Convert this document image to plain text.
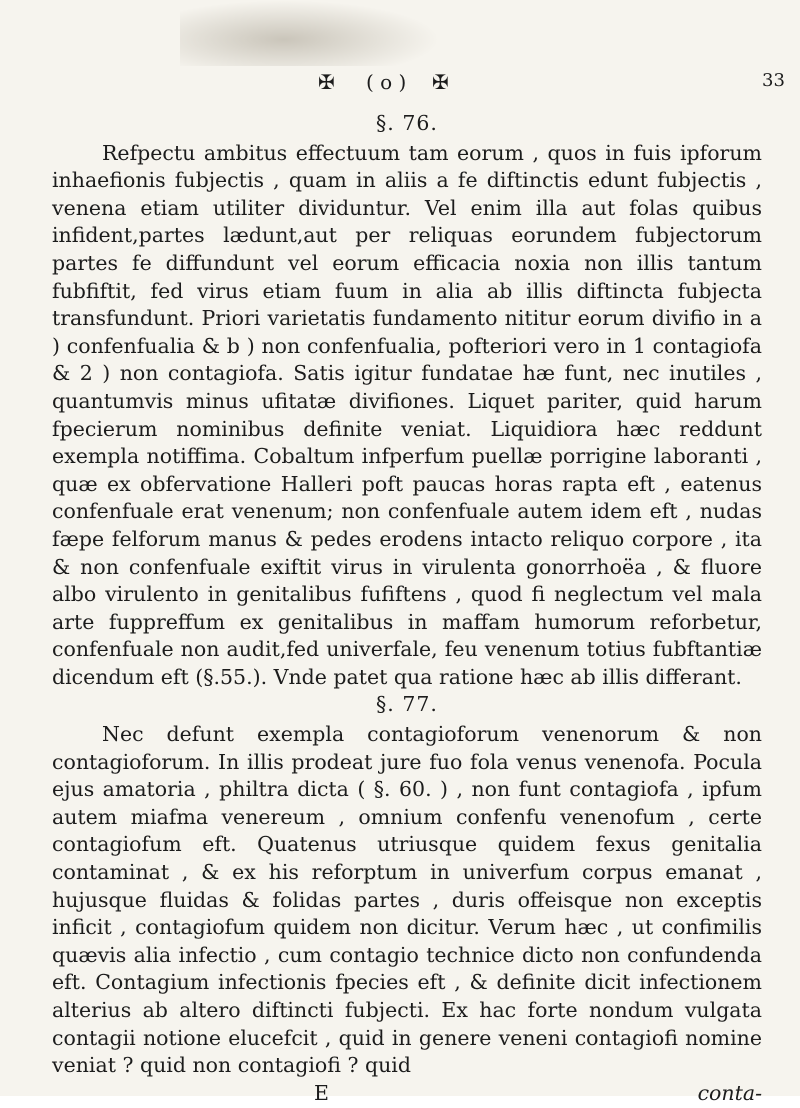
✠ ( o ) ✠	33
§. 76.

Refpectu ambitus effectuum tam eorum , quos in fuis ipforum inhaefionis fubjectis , quam in aliis a fe diftinctis edunt fubjectis , venena etiam utiliter dividuntur. Vel enim illa aut folas quibus infident,partes lædunt,aut per reliquas eorundem fubjectorum partes fe diffundunt vel eorum efficacia noxia non illis tantum fubfiftit, fed virus etiam fuum in alia ab illis diftincta fubjecta transfundunt. Priori varietatis fundamento nititur eorum divifio in a ) confenfualia & b ) non confenfualia, pofteriori vero in 1 contagiofa & 2 ) non contagiofa. Satis igitur fundatae hæ funt, nec inutiles , quantumvis minus ufitatæ divifiones. Liquet pariter, quid harum fpecierum nominibus definite veniat. Liquidiora hæc reddunt exempla notiffima. Cobaltum infperfum puellæ porrigine laboranti , quæ ex obfervatione Halleri poft paucas horas rapta eft , eatenus confenfuale erat venenum; non confenfuale autem idem eft , nudas fæpe felforum manus & pedes erodens intacto reliquo corpore , ita & non confenfuale exiftit virus in virulenta gonorrhoëa , & fluore albo virulento in genitalibus fufiftens , quod fi neglectum vel mala arte fuppreffum ex genitalibus in maffam humorum reforbetur, confenfuale non audit,fed univerfale, feu venenum totius fubftantiæ dicendum eft (§.55.). Vnde patet qua ratione hæc ab illis differant.

§. 77.

Nec defunt exempla contagioforum venenorum & non contagioforum. In illis prodeat jure fuo fola venus venenofa. Pocula ejus amatoria , philtra dicta ( §. 60. ) , non funt contagiofa , ipfum autem miafma venereum , omnium confenfu venenofum , certe contagiofum eft. Quatenus utriusque quidem fexus genitalia contaminat , & ex his reforptum in univerfum corpus emanat , hujusque fluidas & folidas partes , duris offeisque non exceptis inficit , contagiofum quidem non dicitur. Verum hæc , ut confimilis quævis alia infectio , cum contagio technice dicto non confundenda eft. Contagium infectionis fpecies eft , & definite dicit infectionem alterius ab altero diftincti fubjecti. Ex hac forte nondum vulgata contagii notione elucefcit , quid in genere veneni contagiofi nomine veniat ? quid non contagiofi ? quid

E	conta-
